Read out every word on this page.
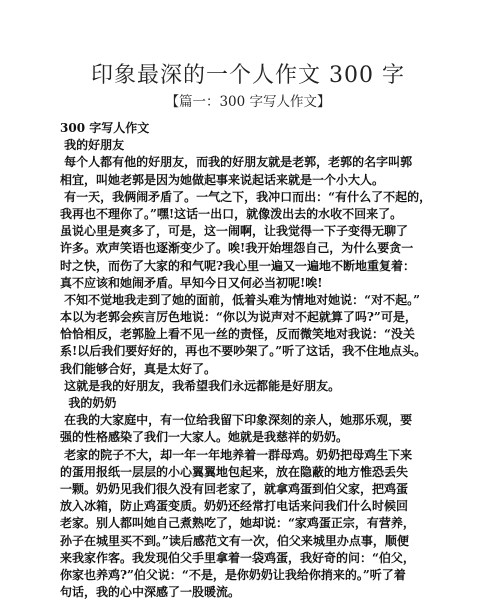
印象最深的一个人作文 300 字
【篇一：300 字写人作文】
300 字写人作文
我的好朋友
每个人都有他的好朋友，而我的好朋友就是老郭，老郭的名字叫郭
相宜，叫她老郭是因为她做起事来说起话来就是一个小大人。
有一天，我俩闹矛盾了。一气之下，我冲口而出：“有什么了不起的，
我再也不理你了。”嘿!这话一出口，就像泼出去的水收不回来了。
虽说心里是爽多了，可是，这一闹啊，让我觉得一下子变得无聊了
许多。欢声笑语也逐渐变少了。唉!我开始埋怨自己，为什么要贪一
时之快，而伤了大家的和气呢?我心里一遍又一遍地不断地重复着：
真不应该和她闹矛盾。早知今日又何必当初呢!唉!
不知不觉地我走到了她的面前，低着头难为情地对她说：“对不起。”
本以为老郭会疾言厉色地说：“你以为说声对不起就算了吗?”可是，
恰恰相反，老郭脸上看不见一丝的责怪，反而微笑地对我说：“没关
系!以后我们要好好的，再也不要吵架了。”听了这话，我不住地点头。
我们能够合好，真是太好了。
这就是我的好朋友，我希望我们永远都能是好朋友。
我的奶奶
在我的大家庭中，有一位给我留下印象深刻的亲人，她那乐观，要
强的性格感染了我们一大家人。她就是我慈祥的奶奶。
老家的院子不大，却一年一年地养着一群母鸡。奶奶把母鸡生下来
的蛋用报纸一层层的小心翼翼地包起来，放在隐蔽的地方惟恐丢失
一颗。奶奶见我们很久没有回老家了，就拿鸡蛋到伯父家，把鸡蛋
放入冰箱，防止鸡蛋变质。奶奶还经常打电话来问我们什么时候回
老家。别人都叫她自己煮熟吃了，她却说：“家鸡蛋正宗，有营养，
孙子在城里买不到。”读后感范文有一次，伯父来城里办点事，顺便
来我家作客。我发现伯父手里拿着一袋鸡蛋，我好奇的问：“伯父，
你家也养鸡?”伯父说：“不是，是你奶奶让我给你捎来的。”听了着
句话，我的心中深感了一股暖流。
